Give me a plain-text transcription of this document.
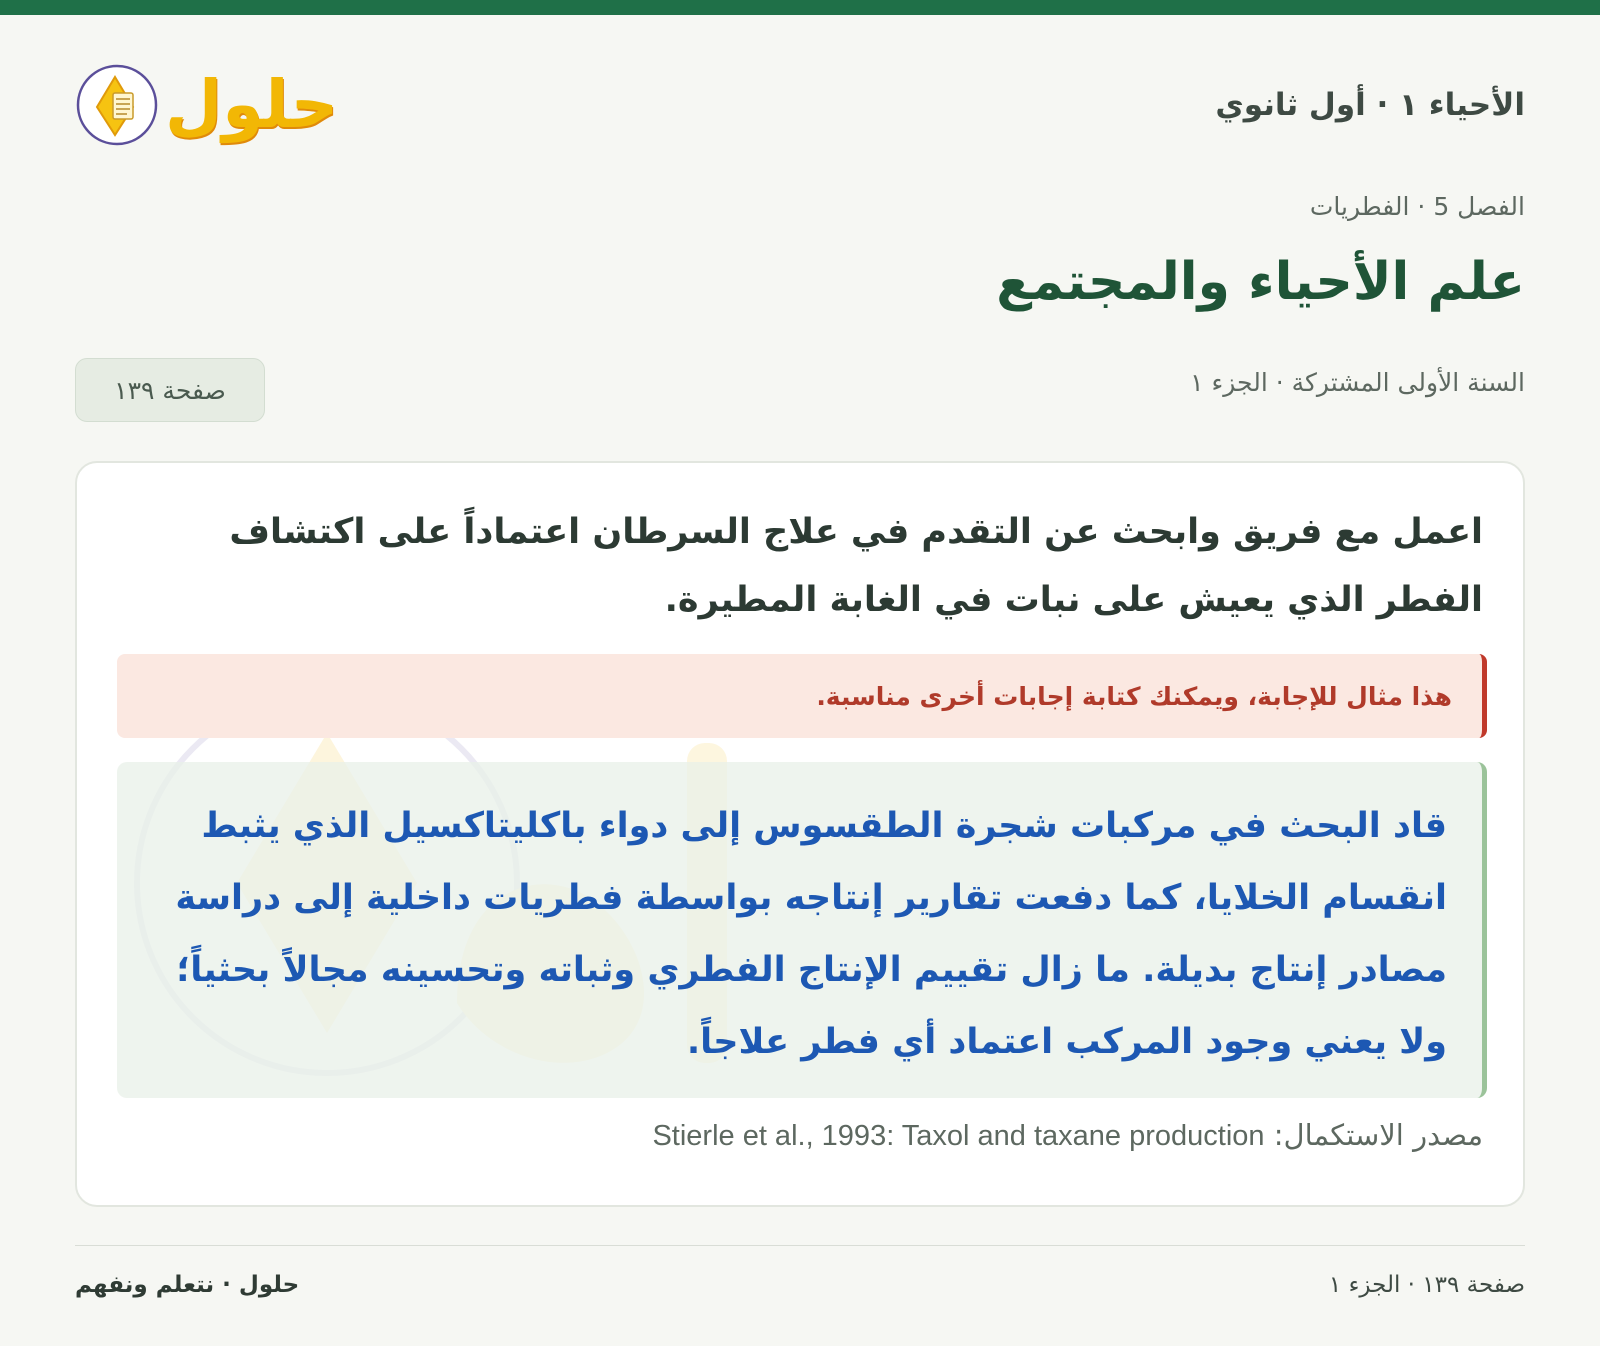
الأحياء ١ · أول ثانوي
حلول
الفصل 5 · الفطريات
علم الأحياء والمجتمع
السنة الأولى المشتركة · الجزء ١
صفحة ١٣٩
اعمل مع فريق وابحث عن التقدم في علاج السرطان اعتماداً على اكتشاف الفطر الذي يعيش على نبات في الغابة المطيرة.
هذا مثال للإجابة، ويمكنك كتابة إجابات أخرى مناسبة.
قاد البحث في مركبات شجرة الطقسوس إلى دواء باكليتاكسيل الذي يثبط انقسام الخلايا، كما دفعت تقارير إنتاجه بواسطة فطريات داخلية إلى دراسة مصادر إنتاج بديلة. ما زال تقييم الإنتاج الفطري وثباته وتحسينه مجالاً بحثياً؛ ولا يعني وجود المركب اعتماد أي فطر علاجاً.
مصدر الاستكمال: Stierle et al., 1993: Taxol and taxane production
صفحة ١٣٩ · الجزء ١
حلول · نتعلم ونفهم
